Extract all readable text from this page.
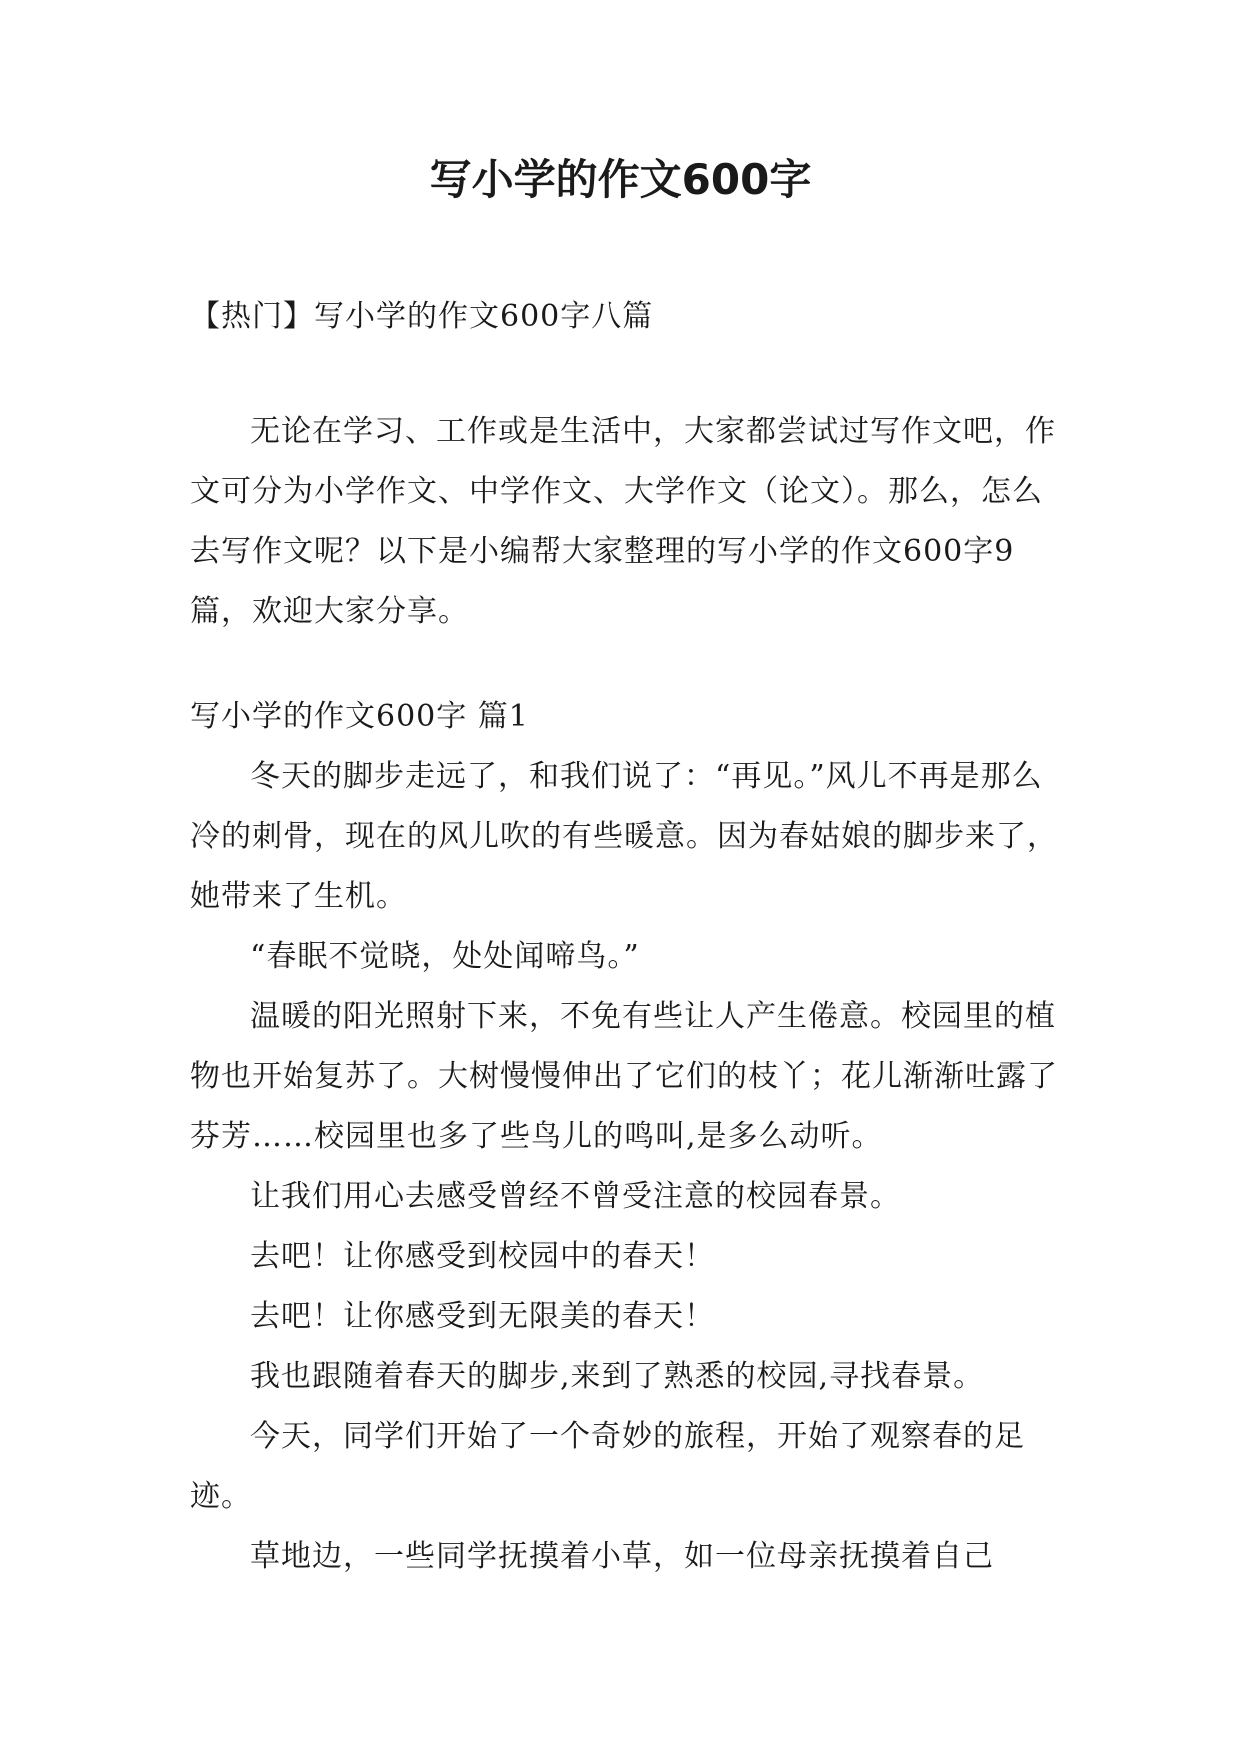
写小学的作文600字

【热门】写小学的作文600字八篇

无论在学习、工作或是生活中，大家都尝试过写作文吧，作文可分为小学作文、中学作文、大学作文（论文）。那么，怎么去写作文呢？以下是小编帮大家整理的写小学的作文600字9篇，欢迎大家分享。

写小学的作文600字 篇1

冬天的脚步走远了，和我们说了：“再见。”风儿不再是那么冷的刺骨，现在的风儿吹的有些暖意。因为春姑娘的脚步来了，她带来了生机。

“春眠不觉晓，处处闻啼鸟。”

温暖的阳光照射下来，不免有些让人产生倦意。校园里的植物也开始复苏了。大树慢慢伸出了它们的枝丫；花儿渐渐吐露了芬芳……校园里也多了些鸟儿的鸣叫,是多么动听。

让我们用心去感受曾经不曾受注意的校园春景。

去吧！让你感受到校园中的春天！

去吧！让你感受到无限美的春天！

我也跟随着春天的脚步,来到了熟悉的校园,寻找春景。

今天，同学们开始了一个奇妙的旅程，开始了观察春的足迹。

草地边，一些同学抚摸着小草，如一位母亲抚摸着自己
